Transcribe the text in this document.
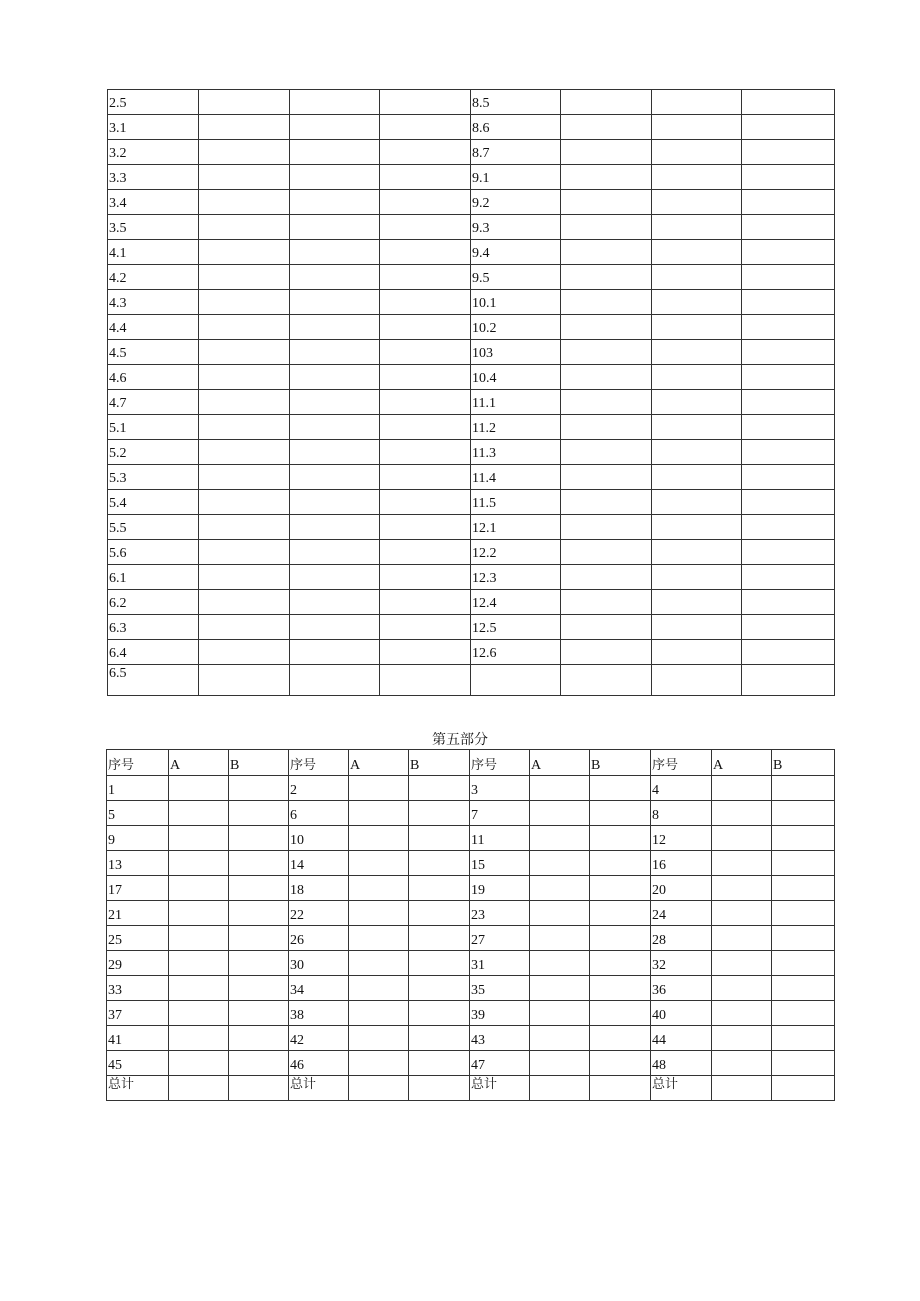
2.5				8.5			
3.1				8.6			
3.2				8.7			
3.3				9.1			
3.4				9.2			
3.5				9.3			
4.1				9.4			
4.2				9.5			
4.3				10.1			
4.4				10.2			
4.5				103			
4.6				10.4			
4.7				11.1			
5.1				11.2			
5.2				11.3			
5.3				11.4			
5.4				11.5			
5.5				12.1			
5.6				12.2			
6.1				12.3			
6.2				12.4			
6.3				12.5			
6.4				12.6			
6.5							
第五部分
序号	A	B	序号	A	B	序号	A	B	序号	A	B
1			2			3			4		
5			6			7			8		
9			10			11			12		
13			14			15			16		
17			18			19			20		
21			22			23			24		
25			26			27			28		
29			30			31			32		
33			34			35			36		
37			38			39			40		
41			42			43			44		
45			46			47			48		
总计			总计			总计			总计		
